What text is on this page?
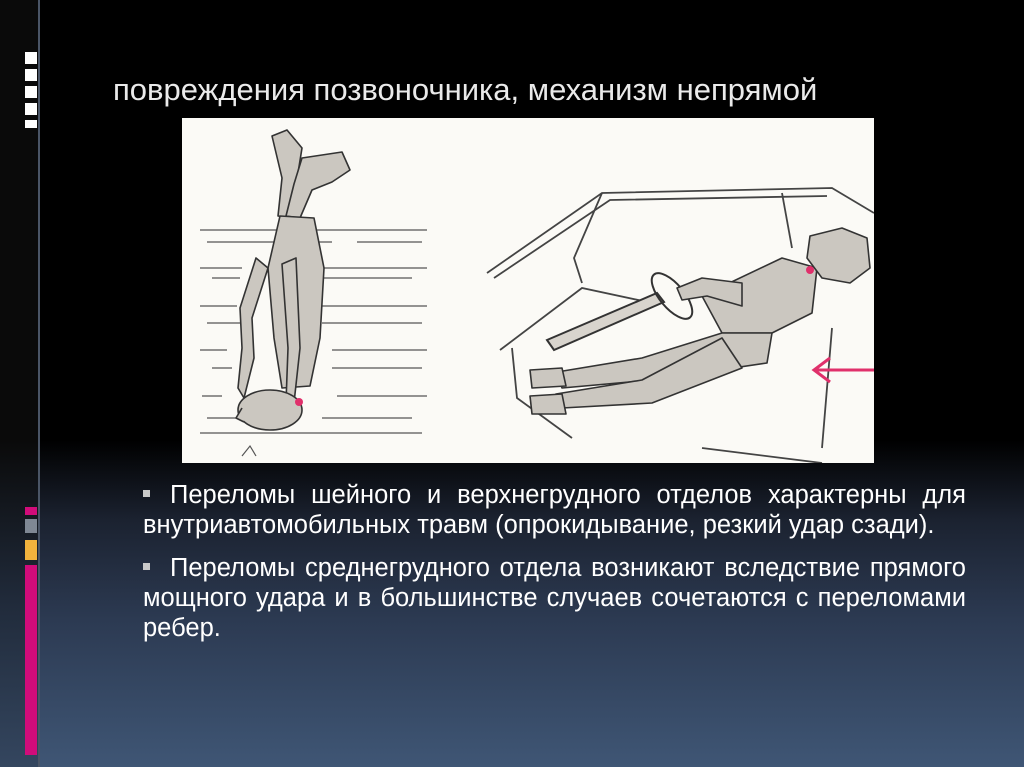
повреждения позвоночника, механизм непрямой
Переломы шейного и верхнегрудного отделов характерны для внутриавтомобильных травм (опрокидывание, резкий удар сзади).
Переломы среднегрудного отдела возникают вследствие прямого мощного удара и в большинстве случаев сочетаются с переломами ребер.
